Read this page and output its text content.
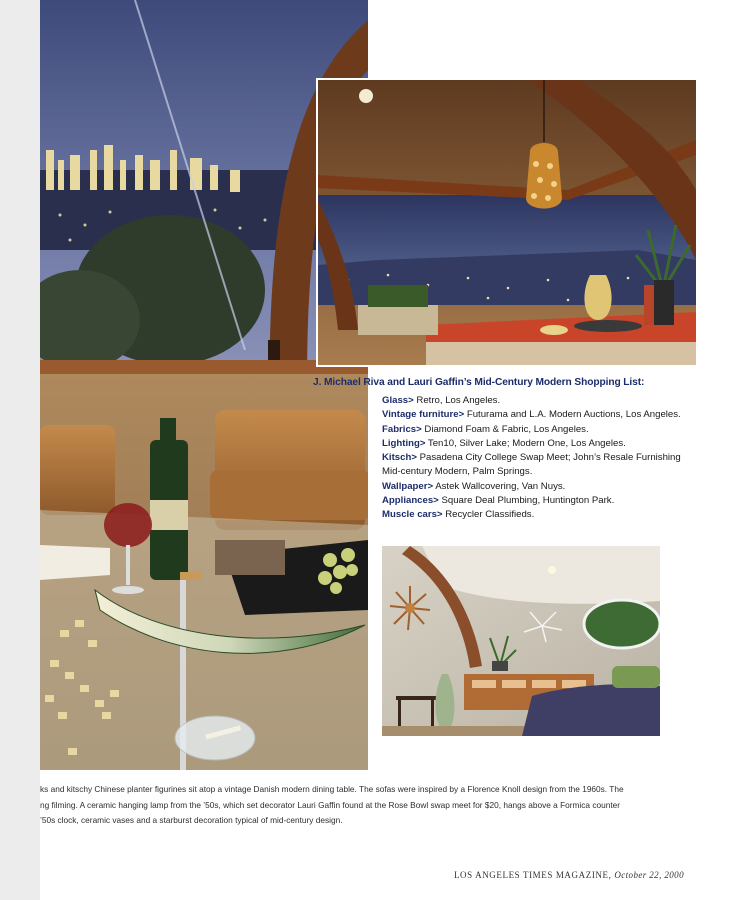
J. Michael Riva and Lauri Gaffin’s Mid-Century Modern Shopping List:

Glass> Retro, Los Angeles.

Vintage furniture> Futurama and L.A. Modern Auctions, Los Angeles.

Fabrics> Diamond Foam & Fabric, Los Angeles.

Lighting> Ten10, Silver Lake; Modern One, Los Angeles.

Kitsch> Pasadena City College Swap Meet; John’s Resale Furnishing Mid-century Modern, Palm Springs.

Wallpaper> Astek Wallcovering, Van Nuys.

Appliances> Square Deal Plumbing, Huntington Park.

Muscle cars> Recycler Classifieds.

ks and kitschy Chinese planter figurines sit atop a vintage Danish modern dining table. The sofas were inspired by a Florence Knoll design from the 1960s. The
ng filming. A ceramic hanging lamp from the ’50s, which set decorator Lauri Gaffin found at the Rose Bowl swap meet for $20, hangs above a Formica counter
’50s clock, ceramic vases and a starburst decoration typical of mid-century design.
LOS ANGELES TIMES MAGAZINE, October 22, 2000
